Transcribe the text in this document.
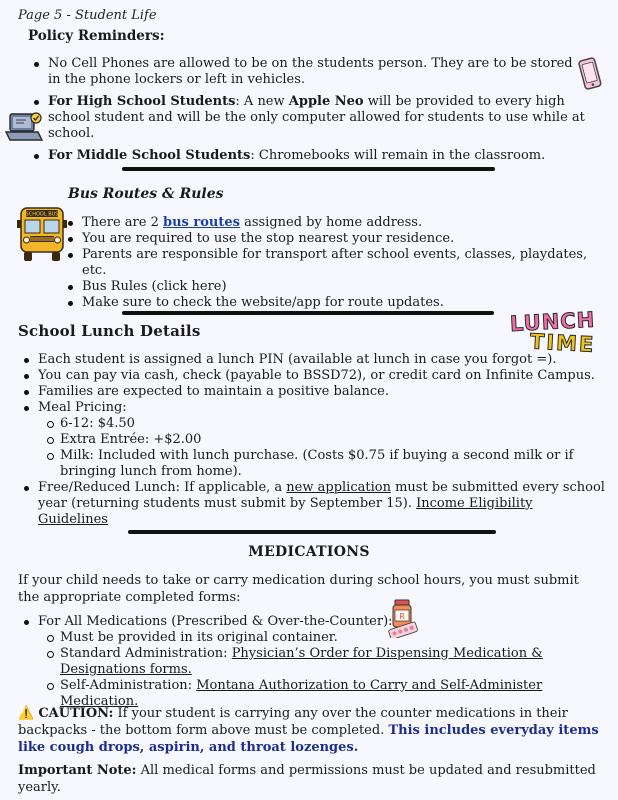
Page 5 - Student Life
Policy Reminders:
No Cell Phones are allowed to be on the students person. They are to be stored in the phone lockers or left in vehicles.
For High School Students: A new Apple Neo will be provided to every high school student and will be the only computer allowed for students to use while at school.
For Middle School Students: Chromebooks will remain in the classroom.
Bus Routes & Rules
SCHOOL BUS
There are 2 bus routes assigned by home address.
You are required to use the stop nearest your residence.
Parents are responsible for transport after school events, classes, playdates, etc.
Bus Rules (click here)
Make sure to check the website/app for route updates.
School Lunch Details	LUNCH
TIME
Each student is assigned a lunch PIN (available at lunch in case you forgot =).
You can pay via cash, check (payable to BSSD72), or credit card on Infinite Campus.
Families are expected to maintain a positive balance.
Meal Pricing:
6-12: $4.50
Extra Entrée: +$2.00
Milk: Included with lunch purchase. (Costs $0.75 if buying a second milk or if bringing lunch from home).
Free/Reduced Lunch: If applicable, a new application must be submitted every school year (returning students must submit by September 15). Income Eligibility Guidelines
MEDICATIONS
If your child needs to take or carry medication during school hours, you must submit the appropriate completed forms:
R
For All Medications (Prescribed & Over-the-Counter):
Must be provided in its original container.
Standard Administration: Physician’s Order for Dispensing Medication & Designations forms.
Self-Administration: Montana Authorization to Carry and Self-Administer Medication.
⚠️ CAUTION: If your student is carrying any over the counter medications in their backpacks - the bottom form above must be completed. This includes everyday items like cough drops, aspirin, and throat lozenges.
Important Note: All medical forms and permissions must be updated and resubmitted yearly.
